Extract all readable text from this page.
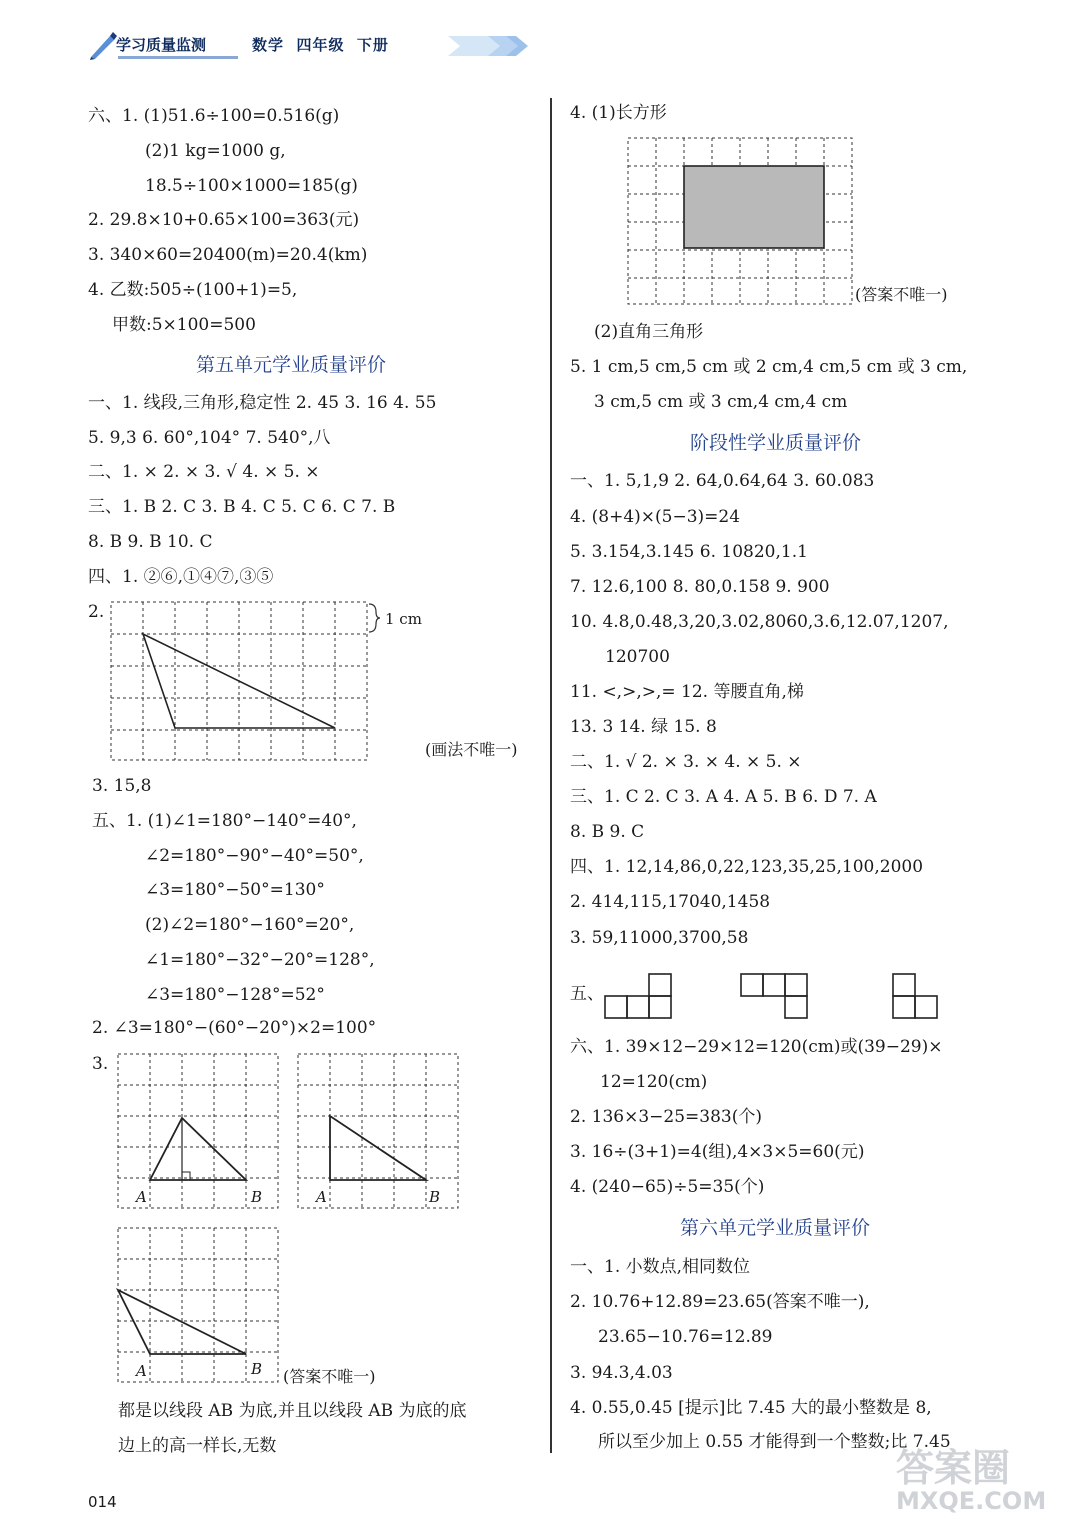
学习质量监测	数学  四年级  下册
六、1. (1)51.6÷100=0.516(g)
(2)1 kg=1000 g,
18.5÷100×1000=185(g)
2. 29.8×10+0.65×100=363(元)
3. 340×60=20400(m)=20.4(km)
4. 乙数:505÷(100+1)=5,
甲数:5×100=500
第五单元学业质量评价
一、1. 线段,三角形,稳定性 2. 45 3. 16 4. 55
5. 9,3 6. 60°,104° 7. 540°,八
二、1. × 2. × 3. √ 4. × 5. ×
三、1. B 2. C 3. B 4. C 5. C 6. C 7. B
8. B 9. B 10. C
四、1. ②⑥,①④⑦,③⑤
2.	1 cm
(画法不唯一)
3. 15,8
五、1. (1)∠1=180°−140°=40°,
∠2=180°−90°−40°=50°,
∠3=180°−50°=130°
(2)∠2=180°−160°=20°,
∠1=180°−32°−20°=128°,
∠3=180°−128°=52°
2. ∠3=180°−(60°−20°)×2=100°
3.
A	B	A	B
A	B (答案不唯一)
都是以线段 AB 为底,并且以线段 AB 为底的底
边上的高一样长,无数
4. (1)长方形
(答案不唯一)
(2)直角三角形
5. 1 cm,5 cm,5 cm 或 2 cm,4 cm,5 cm 或 3 cm,
3 cm,5 cm 或 3 cm,4 cm,4 cm
阶段性学业质量评价
一、1. 5,1,9 2. 64,0.64,64 3. 60.083
4. (8+4)×(5−3)=24
5. 3.154,3.145 6. 10820,1.1
7. 12.6,100 8. 80,0.158 9. 900
10. 4.8,0.48,3,20,3.02,8060,3.6,12.07,1207,
120700
11. <,>,>,= 12. 等腰直角,梯
13. 3 14. 绿 15. 8
二、1. √ 2. × 3. × 4. × 5. ×
三、1. C 2. C 3. A 4. A 5. B 6. D 7. A
8. B 9. C
四、1. 12,14,86,0,22,123,35,25,100,2000
2. 414,115,17040,1458
3. 59,11000,3700,58
五、
六、1. 39×12−29×12=120(cm)或(39−29)×
12=120(cm)
2. 136×3−25=383(个)
3. 16÷(3+1)=4(组),4×3×5=60(元)
4. (240−65)÷5=35(个)
第六单元学业质量评价
一、1. 小数点,相同数位
2. 10.76+12.89=23.65(答案不唯一),
23.65−10.76=12.89
3. 94.3,4.03
4. 0.55,0.45 [提示]比 7.45 大的最小整数是 8,
所以至少加上 0.55 才能得到一个整数;比 7.45
014
答案圈
MXQE.COM
